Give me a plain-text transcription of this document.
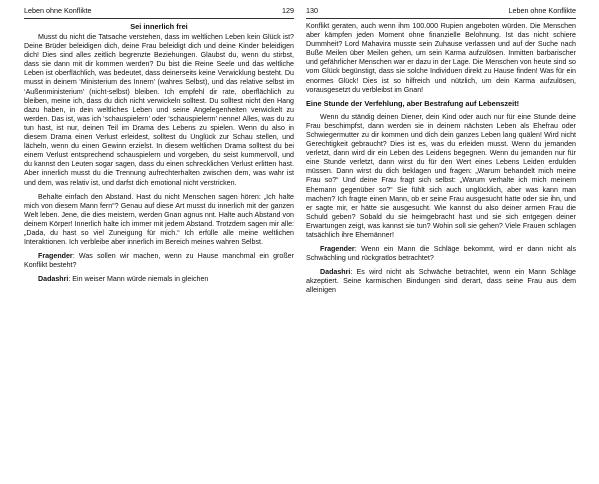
Leben ohne Konflikte	129
Sei innerlich frei

Musst du nicht die Tatsache verstehen, dass im weltlichen Leben kein Glück ist? Deine Brüder beleidigen dich, deine Frau beleidigt dich und deine Kinder beleidigen dich! Dies sind alles zeitlich begrenzte Beziehungen. Glaubst du, wenn du stirbst, dass sie dann mit dir kommen werden? Du bist die Reine Seele und das weltliche Leben ist oberflächlich, was bedeutet, dass deinerseits keine Verwicklung besteht. Du musst in deinem ‘Ministerium des Innern’ (wahres Selbst), und das relative selbst im ‘Außenministerium’ (nicht-selbst) bleiben. Ich empfehl dir rate, oberflächlich zu bleiben, meine ich, dass du dich nicht verwickeln solltest. Du solltest nicht den Hang dazu haben, in dein weltliches Leben und seine Angelegenheiten verwickelt zu werden. Das ist, was ich ‘schauspielern’ oder ‘schauspielerm’ nenne! Alles, was du zu tun hast, ist nur, deinen Teil im Drama des Lebens zu spielen. Wenn du also in diesem Drama einen Verlust erleidest, solltest du Unglück zur Schau stellen, und lächeln, wenn du einen Gewinn erzielst. In diesem weltlichen Drama solltest du bei einem Verlust entsprechend schauspielern und vorgeben, du seist kummervoll, und du kannst den Leuten sogar sagen, dass du einen schrecklichen Verlust erlitten hast. Aber innerlich musst du die Trennung aufrechterhalten zwischen dem, was wahr ist und dem, was relativ ist, und darfst dich emotional nicht verstricken.

Behalte einfach den Abstand. Hast du nicht Menschen sagen hören: „Ich halte mich von diesem Mann fern“? Genau auf diese Art musst du innerlich mit der ganzen Welt leben. Jene, die dies meistern, werden Gnan agnus nnt. Halte auch Abstand von deinem Körper! Innerlich halte ich immer mit jedem Abstand. Trotzdem sagen mir alle: „Dada, du hast so viel Zuneigung für mich.“ Ich erfülle alle meine weltlichen Interaktionen. Ich verbleibe aber innerlich im Bereich meines wahren Selbst.

Fragender: Was sollen wir machen, wenn zu Hause manchmal ein großer Konflikt besteht?

Dadashri: Ein weiser Mann würde niemals in gleichen

130	Leben ohne Konflikte

Konflikt geraten, auch wenn ihm 100.000 Rupien angeboten würden. Die Menschen aber kämpfen jeden Moment ohne finanzielle Belohnung. Ist das nicht schiere Dummheit? Lord Mahavira musste sein Zuhause verlassen und auf der Suche nach Buße Meilen über Meilen gehen, um sein Karma aufzulösen. Inmitten barbarischer und gefährlicher Menschen war er dazu in der Lage. Die Menschen von heute sind so vom Glück begünstigt, dass sie solche Individuen direkt zu Hause finden! Was für ein enormes Glück! Dies ist so hilfreich und nützlich, um dein Karma aufzulösen, vorausgesetzt du verbleibst im Gnan!

Eine Stunde der Verfehlung, aber Bestrafung auf Lebenszeit!

Wenn du ständig deinen Diener, dein Kind oder auch nur für eine Stunde deine Frau beschimpfst, dann werden sie in deinem nächsten Leben als Ehefrau oder Schwiegermutter zu dir kommen und dich dein ganzes Leben lang quälen! Wird nicht Gerechtigkeit gebraucht? Dies ist es, was du erleiden musst. Wenn du jemanden verletzt, dann wird dir ein Leben des Leidens begegnen. Wenn du jemanden nur für eine Stunde verletzt, dann wirst du für den Wert eines Lebens Leiden erdulden müssen. Dann wirst du dich beklagen und fragen: „Warum behandelt mich meine Frau so?“ Und deine Frau fragt sich selbst: „Warum verhalte ich mich meinem Ehemann gegenüber so?“ Sie fühlt sich auch unglücklich, aber was kann man machen? Ich fragte einen Mann, ob er seine Frau ausgesucht hatte oder sie ihn, und er sagte mir, er hätte sie ausgesucht. Wie kannst du also deiner armen Frau die Schuld geben? Sobald du sie heimgebracht hast und sie sich entgegen deiner Erwartungen zeigt, was kannst sie tun? Wohin soll sie gehen? Viele Frauen schlagen tatsächlich ihre Ehemänner!

Fragender: Wenn ein Mann die Schläge bekommt, wird er dann nicht als Schwächling und rückgratlos betrachtet?

Dadashri: Es wird nicht als Schwäche betrachtet, wenn ein Mann Schläge akzeptiert. Seine karmischen Bindungen sind derart, dass seine Frau aus dem alleinigen
